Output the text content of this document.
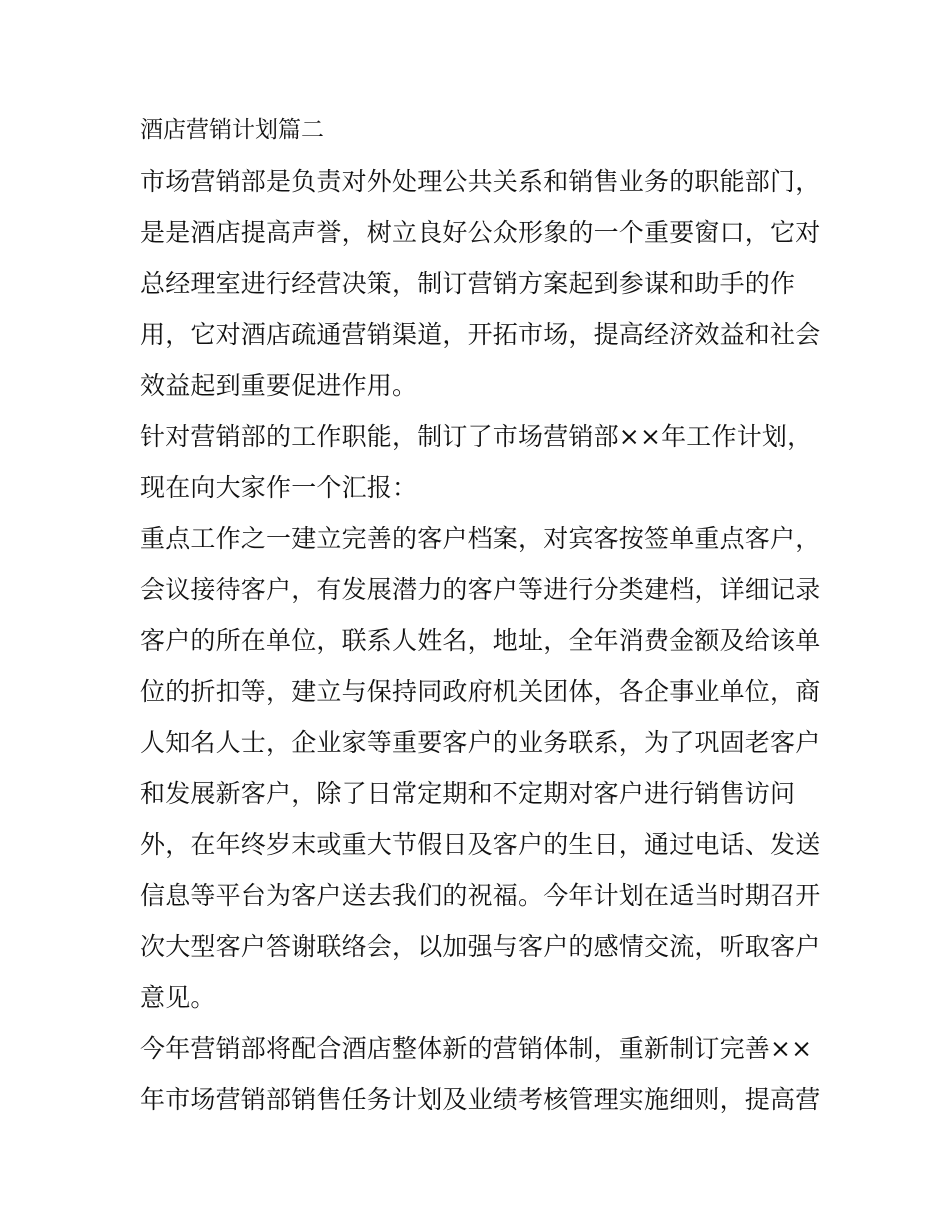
酒店营销计划篇二
市场营销部是负责对外处理公共关系和销售业务的职能部门，
是是酒店提高声誉，树立良好公众形象的一个重要窗口，它对
总经理室进行经营决策，制订营销方案起到参谋和助手的作
用，它对酒店疏通营销渠道，开拓市场，提高经济效益和社会
效益起到重要促进作用。
针对营销部的工作职能，制订了市场营销部××年工作计划，
现在向大家作一个汇报：
重点工作之一建立完善的客户档案，对宾客按签单重点客户，
会议接待客户，有发展潜力的客户等进行分类建档，详细记录
客户的所在单位，联系人姓名，地址，全年消费金额及给该单
位的折扣等，建立与保持同政府机关团体，各企事业单位，商
人知名人士，企业家等重要客户的业务联系，为了巩固老客户
和发展新客户，除了日常定期和不定期对客户进行销售访问
外，在年终岁末或重大节假日及客户的生日，通过电话、发送
信息等平台为客户送去我们的祝福。今年计划在适当时期召开
次大型客户答谢联络会，以加强与客户的感情交流，听取客户
意见。
今年营销部将配合酒店整体新的营销体制，重新制订完善××
年市场营销部销售任务计划及业绩考核管理实施细则，提高营
